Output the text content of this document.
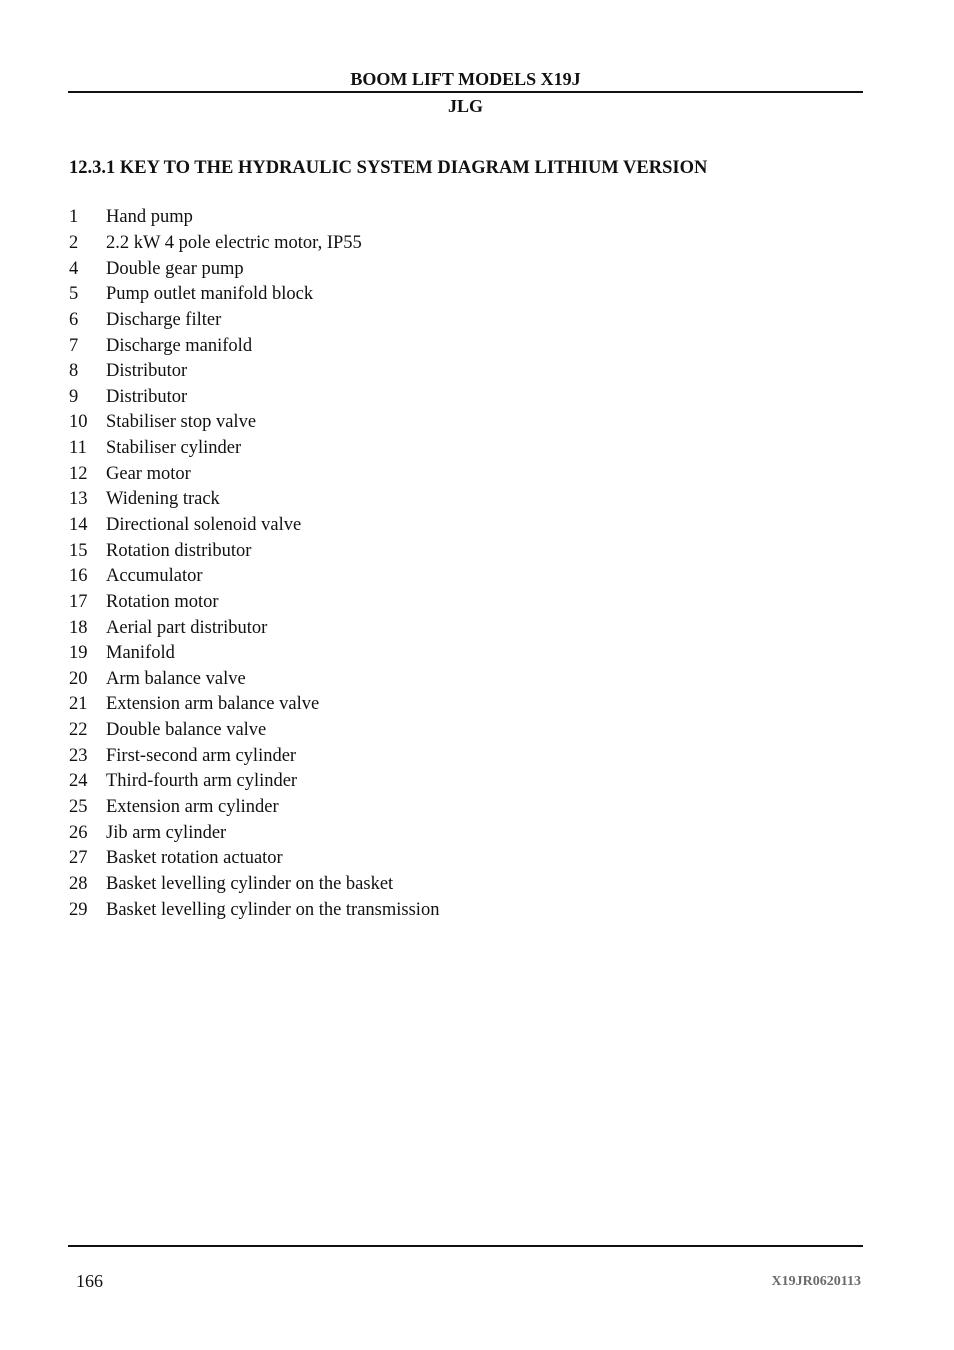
BOOM LIFT MODELS X19J
JLG
12.3.1 KEY TO THE HYDRAULIC SYSTEM DIAGRAM LITHIUM VERSION
1	Hand pump
2	2.2 kW 4 pole electric motor, IP55
4	Double gear pump
5	Pump outlet manifold block
6	Discharge filter
7	Discharge manifold
8	Distributor
9	Distributor
10	Stabiliser stop valve
11	Stabiliser cylinder
12	Gear motor
13	Widening track
14	Directional solenoid valve
15	Rotation distributor
16	Accumulator
17	Rotation motor
18	Aerial part distributor
19	Manifold
20	Arm balance valve
21	Extension arm balance valve
22	Double balance valve
23	First-second arm cylinder
24	Third-fourth arm cylinder
25	Extension arm cylinder
26	Jib arm cylinder
27	Basket rotation actuator
28	Basket levelling cylinder on the basket
29	Basket levelling cylinder on the transmission
166	X19JR0620113
